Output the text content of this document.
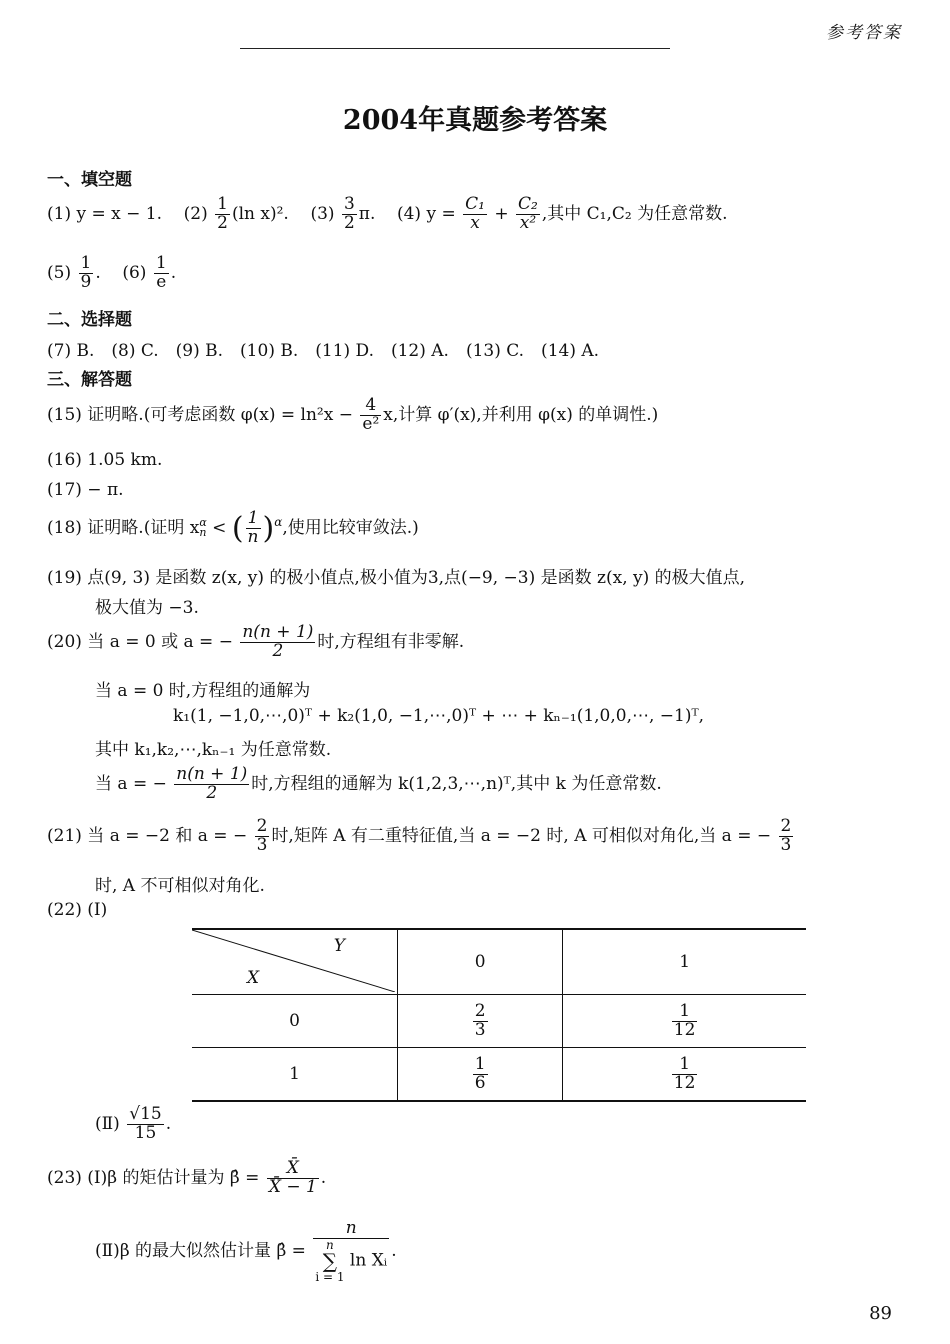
参考答案
2004年真题参考答案
一、填空题
(1) y = x − 1. $(2) \frac{1}{2} (\ln$ x)². $(3) \frac{3}{2} \pi$. (4) $y = \frac{\text{C₁}}{x} + \frac{\text{C₂}}{\text{x²}}$ ,其中 C₁,C₂ 为任意常数.
$(5) \frac{1}{9}$ . $(6) \frac{1}{e}$ .
二、选择题
(7) B.　(8) C.　(9) B.　(10) B.　(11) D.　(12) A.　(13) C.　(14) A.
三、解答题
(15) 证明略.(可考虑函数 $\varphi(x) = \ln^2x - \frac{4}{\text{e²}} x$,计算 φ′(x),并利用 φ(x) 的单调性.)
(16) 1.05 km.
(17) − π.
(18) 证明略.(证明 x α
n < ( $\frac{1}{n} )^\alpha$,使用比较审敛法.)
(19) 点(9, 3) 是函数 z(x, y) 的极小值点,极小值为3,点(−9, −3) 是函数 z(x, y) 的极大值点,
极大值为 −3.
(20) 当 a = 0 或 a = − $\frac{n(n + 1)}{2}$ 时,方程组有非零解.
当 a = 0 时,方程组的通解为
k₁(1, −1,0,⋯,0)ᵀ + k₂(1,0, −1,⋯,0)ᵀ + ⋯ + kₙ₋₁(1,0,0,⋯, −1)ᵀ,
其中 k₁,k₂,⋯,kₙ₋₁ 为任意常数.
当 a = − $\frac{n(n + 1)}{2}$ 时,方程组的通解为 k(1,2,3,⋯,n)ᵀ,其中 k 为任意常数.
(21) 当 a = −2 和 a = − $\frac{2}{3}$ 时,矩阵 A 有二重特征值,当 a = −2 时, A 可相似对角化,当 a = − $\frac{2}{3}$
时, A 不可相似对角化.
(22) (Ⅰ)
Y
X	0	1
0	$\frac{2}{3}$	$\frac{1}{12}$

1	$\frac{1}{6}$	$\frac{1}{12}$
(Ⅱ) $\frac{√15}{15}$ .
(23) (Ⅰ)β 的矩估计量为 β̂ = $\frac{X̄}{X̄ - 1}$ .
(Ⅱ)β 的最大似然估计量 β̂ = n
n
∑
i = 1 ln Xᵢ .
89
